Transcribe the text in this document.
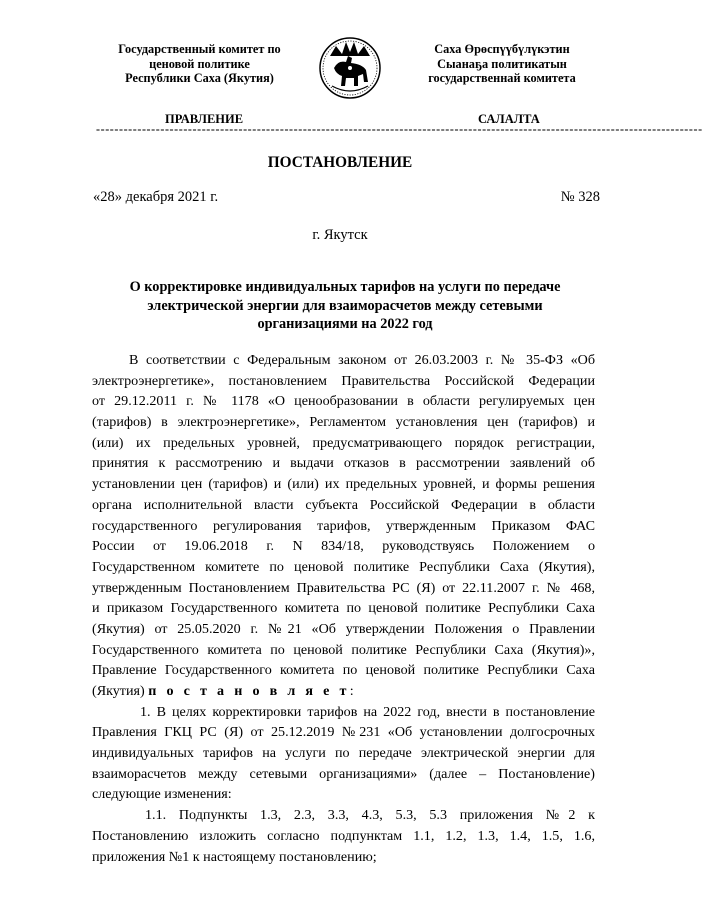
Государственный комитет по
ценовой политике
Республики Саха (Якутия)
Саха Өрөспүүбүлүкэтин
Сыанаҕа политикатын
государственнай комитета
ПРАВЛЕНИЕ	САЛАЛТА
------------------------------------------------------------------------------------------------------------------------------------
ПОСТАНОВЛЕНИЕ
«28» декабря 2021 г.	№ 328
г. Якутск
О корректировке индивидуальных тарифов на услуги по передаче
электрической энергии для взаиморасчетов между сетевыми
организациями на 2022 год
В соответствии с Федеральным законом от 26.03.2003 г. № 35-ФЗ «Об
электроэнергетике», постановлением Правительства Российской Федерации
от 29.12.2011 г. № 1178 «О ценообразовании в области регулируемых цен
(тарифов) в электроэнергетике», Регламентом установления цен (тарифов) и
(или) их предельных уровней, предусматривающего порядок регистрации,
принятия к рассмотрению и выдачи отказов в рассмотрении заявлений об
установлении цен (тарифов) и (или) их предельных уровней, и формы решения
органа исполнительной власти субъекта Российской Федерации в области
государственного регулирования тарифов, утвержденным Приказом ФАС
России от 19.06.2018 г. N 834/18, руководствуясь Положением о
Государственном комитете по ценовой политике Республики Саха (Якутия),
утвержденным Постановлением Правительства РС (Я) от 22.11.2007 г. № 468,
и приказом Государственного комитета по ценовой политике Республики Саха
(Якутия) от 25.05.2020 г. №21 «Об утверждении Положения о Правлении
Государственного комитета по ценовой политике Республики Саха (Якутия)»,
Правление Государственного комитета по ценовой политике Республики Саха
(Якутия) п о с т а н о в л я е т:
1. В целях корректировки тарифов на 2022 год, внести в постановление
Правления ГКЦ РС (Я) от 25.12.2019 №231 «Об установлении долгосрочных
индивидуальных тарифов на услуги по передаче электрической энергии для
взаиморасчетов между сетевыми организациями» (далее – Постановление)
следующие изменения:
1.1. Подпункты 1.3, 2.3, 3.3, 4.3, 5.3, 5.3 приложения №2 к
Постановлению изложить согласно подпунктам 1.1, 1.2, 1.3, 1.4, 1.5, 1.6,
приложения №1 к настоящему постановлению;
